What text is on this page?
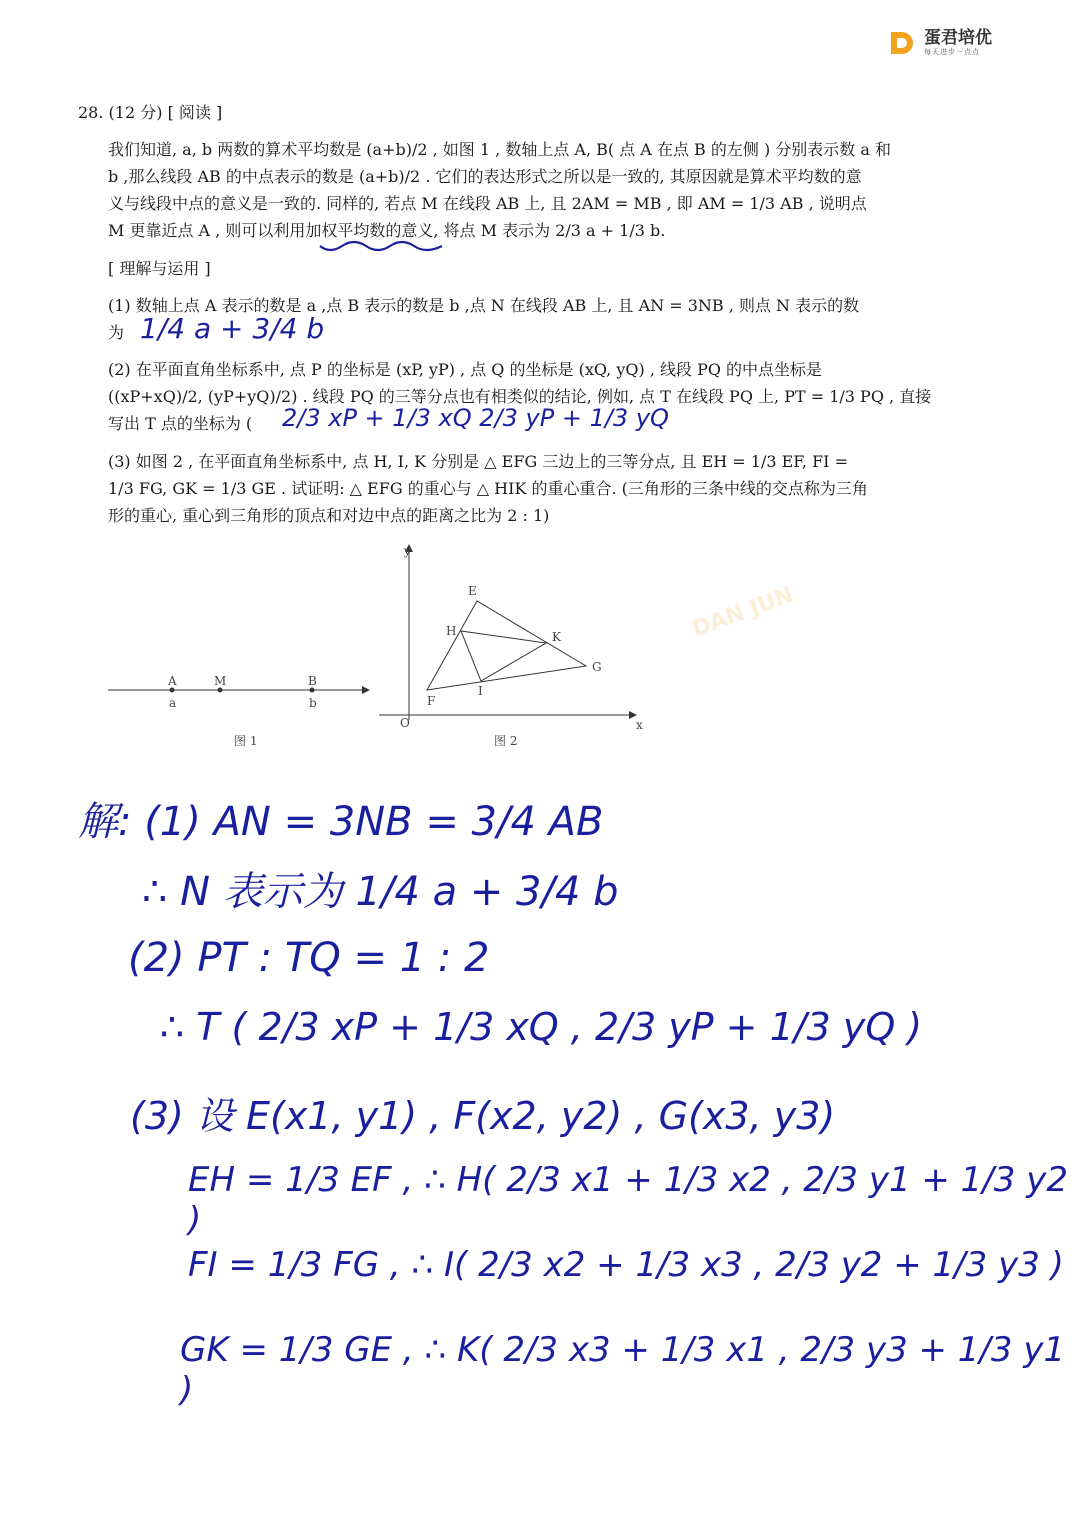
蛋君培优
每天进步一点点
28. (12 分) [ 阅读 ]
我们知道, a, b 两数的算术平均数是 (a+b)/2 , 如图 1 , 数轴上点 A, B( 点 A 在点 B 的左侧 ) 分别表示数 a 和
b ,那么线段 AB 的中点表示的数是 (a+b)/2 . 它们的表达形式之所以是一致的, 其原因就是算术平均数的意
义与线段中点的意义是一致的. 同样的, 若点 M 在线段 AB 上, 且 2AM = MB , 即 AM = 1/3 AB , 说明点
M 更靠近点 A , 则可以利用加权平均数的意义, 将点 M 表示为 2/3 a + 1/3 b.
[ 理解与运用 ]
(1) 数轴上点 A 表示的数是 a ,点 B 表示的数是 b ,点 N 在线段 AB 上, 且 AN = 3NB , 则点 N 表示的数
为 1/4 a + 3/4 b
(2) 在平面直角坐标系中, 点 P 的坐标是 (xP, yP) , 点 Q 的坐标是 (xQ, yQ) , 线段 PQ 的中点坐标是
((xP+xQ)/2, (yP+yQ)/2) . 线段 PQ 的三等分点也有相类似的结论, 例如, 点 T 在线段 PQ 上, PT = 1/3 PQ , 直接
写出 T 点的坐标为 (	2/3 xP + 1/3 xQ 2/3 yP + 1/3 yQ
(3) 如图 2 , 在平面直角坐标系中, 点 H, I, K 分别是 △ EFG 三边上的三等分点, 且 EH = 1/3 EF, FI =
1/3 FG, GK = 1/3 GE . 试证明: △ EFG 的重心与 △ HIK 的重心重合. (三角形的三条中线的交点称为三角
形的重心, 重心到三角形的顶点和对边中点的距离之比为 2 : 1)
A	M	B
a	b
图 1
y
x
O
E
F
G
H
I
K
图 2
DAN JUN
解: (1) AN = 3NB = 3/4 AB
∴ N 表示为 1/4 a + 3/4 b
(2) PT : TQ = 1 : 2
∴ T ( 2/3 xP + 1/3 xQ , 2/3 yP + 1/3 yQ )
(3) 设 E(x1, y1) , F(x2, y2) , G(x3, y3)
EH = 1/3 EF , ∴ H( 2/3 x1 + 1/3 x2 , 2/3 y1 + 1/3 y2 )
FI = 1/3 FG , ∴ I( 2/3 x2 + 1/3 x3 , 2/3 y2 + 1/3 y3 )
GK = 1/3 GE , ∴ K( 2/3 x3 + 1/3 x1 , 2/3 y3 + 1/3 y1 )
